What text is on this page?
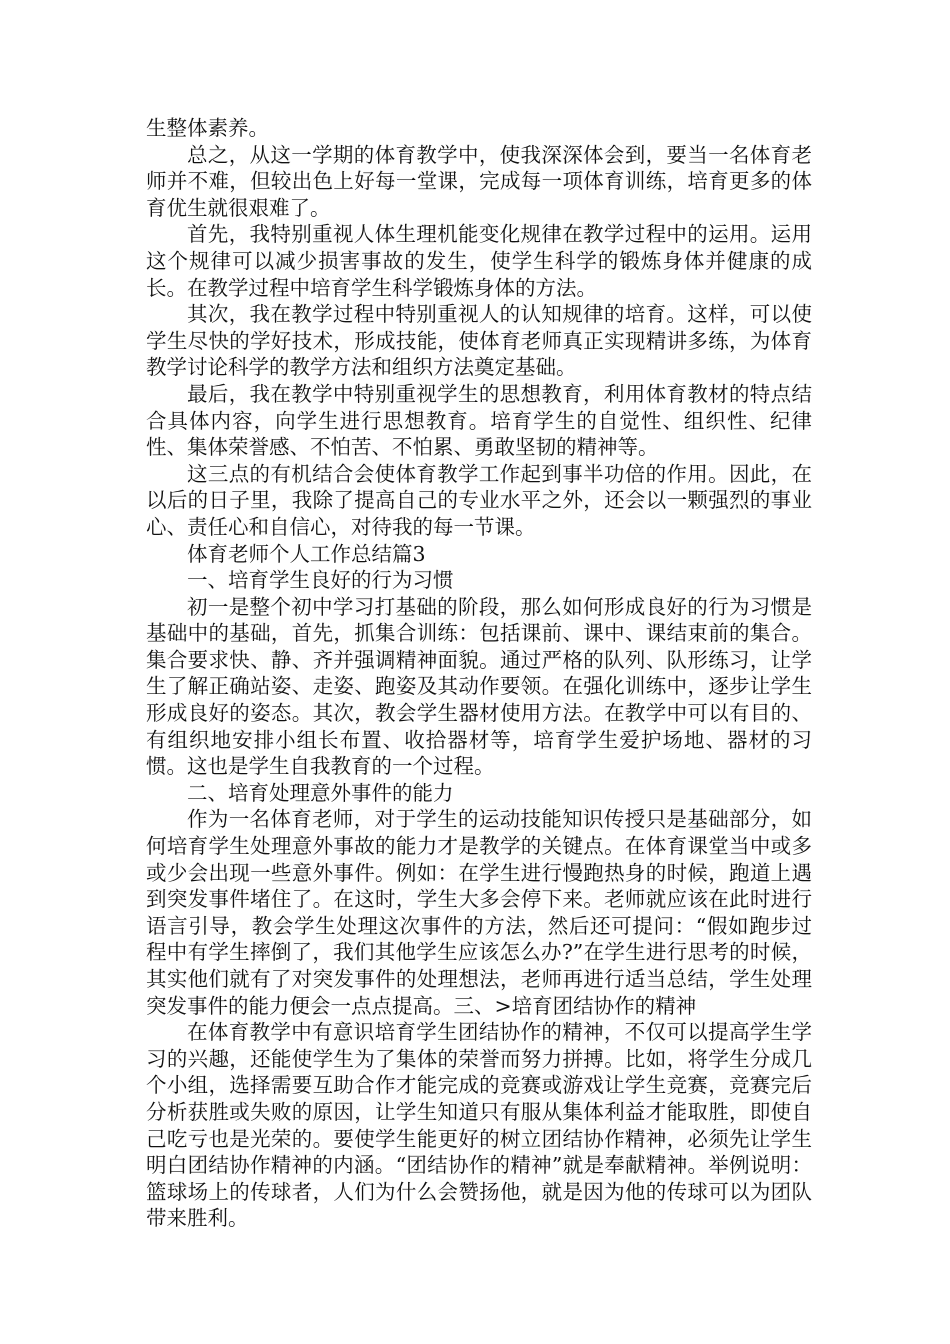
生整体素养。

总之，从这一学期的体育教学中，使我深深体会到，要当一名体育老师并不难，但较出色上好每一堂课，完成每一项体育训练，培育更多的体育优生就很艰难了。

首先，我特别重视人体生理机能变化规律在教学过程中的运用。运用这个规律可以减少损害事故的发生，使学生科学的锻炼身体并健康的成长。在教学过程中培育学生科学锻炼身体的方法。

其次，我在教学过程中特别重视人的认知规律的培育。这样，可以使学生尽快的学好技术，形成技能，使体育老师真正实现精讲多练，为体育教学讨论科学的教学方法和组织方法奠定基础。

最后，我在教学中特别重视学生的思想教育，利用体育教材的特点结合具体内容，向学生进行思想教育。培育学生的自觉性、组织性、纪律性、集体荣誉感、不怕苦、不怕累、勇敢坚韧的精神等。

这三点的有机结合会使体育教学工作起到事半功倍的作用。因此，在以后的日子里，我除了提高自己的专业水平之外，还会以一颗强烈的事业心、责任心和自信心，对待我的每一节课。

体育老师个人工作总结篇3

一、培育学生良好的行为习惯

初一是整个初中学习打基础的阶段，那么如何形成良好的行为习惯是基础中的基础，首先，抓集合训练：包括课前、课中、课结束前的集合。集合要求快、静、齐并强调精神面貌。通过严格的队列、队形练习，让学生了解正确站姿、走姿、跑姿及其动作要领。在强化训练中，逐步让学生形成良好的姿态。其次，教会学生器材使用方法。在教学中可以有目的、有组织地安排小组长布置、收拾器材等，培育学生爱护场地、器材的习惯。这也是学生自我教育的一个过程。

二、培育处理意外事件的能力

作为一名体育老师，对于学生的运动技能知识传授只是基础部分，如何培育学生处理意外事故的能力才是教学的关键点。在体育课堂当中或多或少会出现一些意外事件。例如：在学生进行慢跑热身的时候，跑道上遇到突发事件堵住了。在这时，学生大多会停下来。老师就应该在此时进行语言引导，教会学生处理这次事件的方法，然后还可提问：“假如跑步过程中有学生摔倒了，我们其他学生应该怎么办?”在学生进行思考的时候，其实他们就有了对突发事件的处理想法，老师再进行适当总结，学生处理突发事件的能力便会一点点提高。三、>培育团结协作的精神

在体育教学中有意识培育学生团结协作的精神，不仅可以提高学生学习的兴趣，还能使学生为了集体的荣誉而努力拼搏。比如，将学生分成几个小组，选择需要互助合作才能完成的竞赛或游戏让学生竞赛，竞赛完后分析获胜或失败的原因，让学生知道只有服从集体利益才能取胜，即使自己吃亏也是光荣的。要使学生能更好的树立团结协作精神，必须先让学生明白团结协作精神的内涵。“团结协作的精神”就是奉献精神。举例说明：篮球场上的传球者，人们为什么会赞扬他，就是因为他的传球可以为团队带来胜利。
